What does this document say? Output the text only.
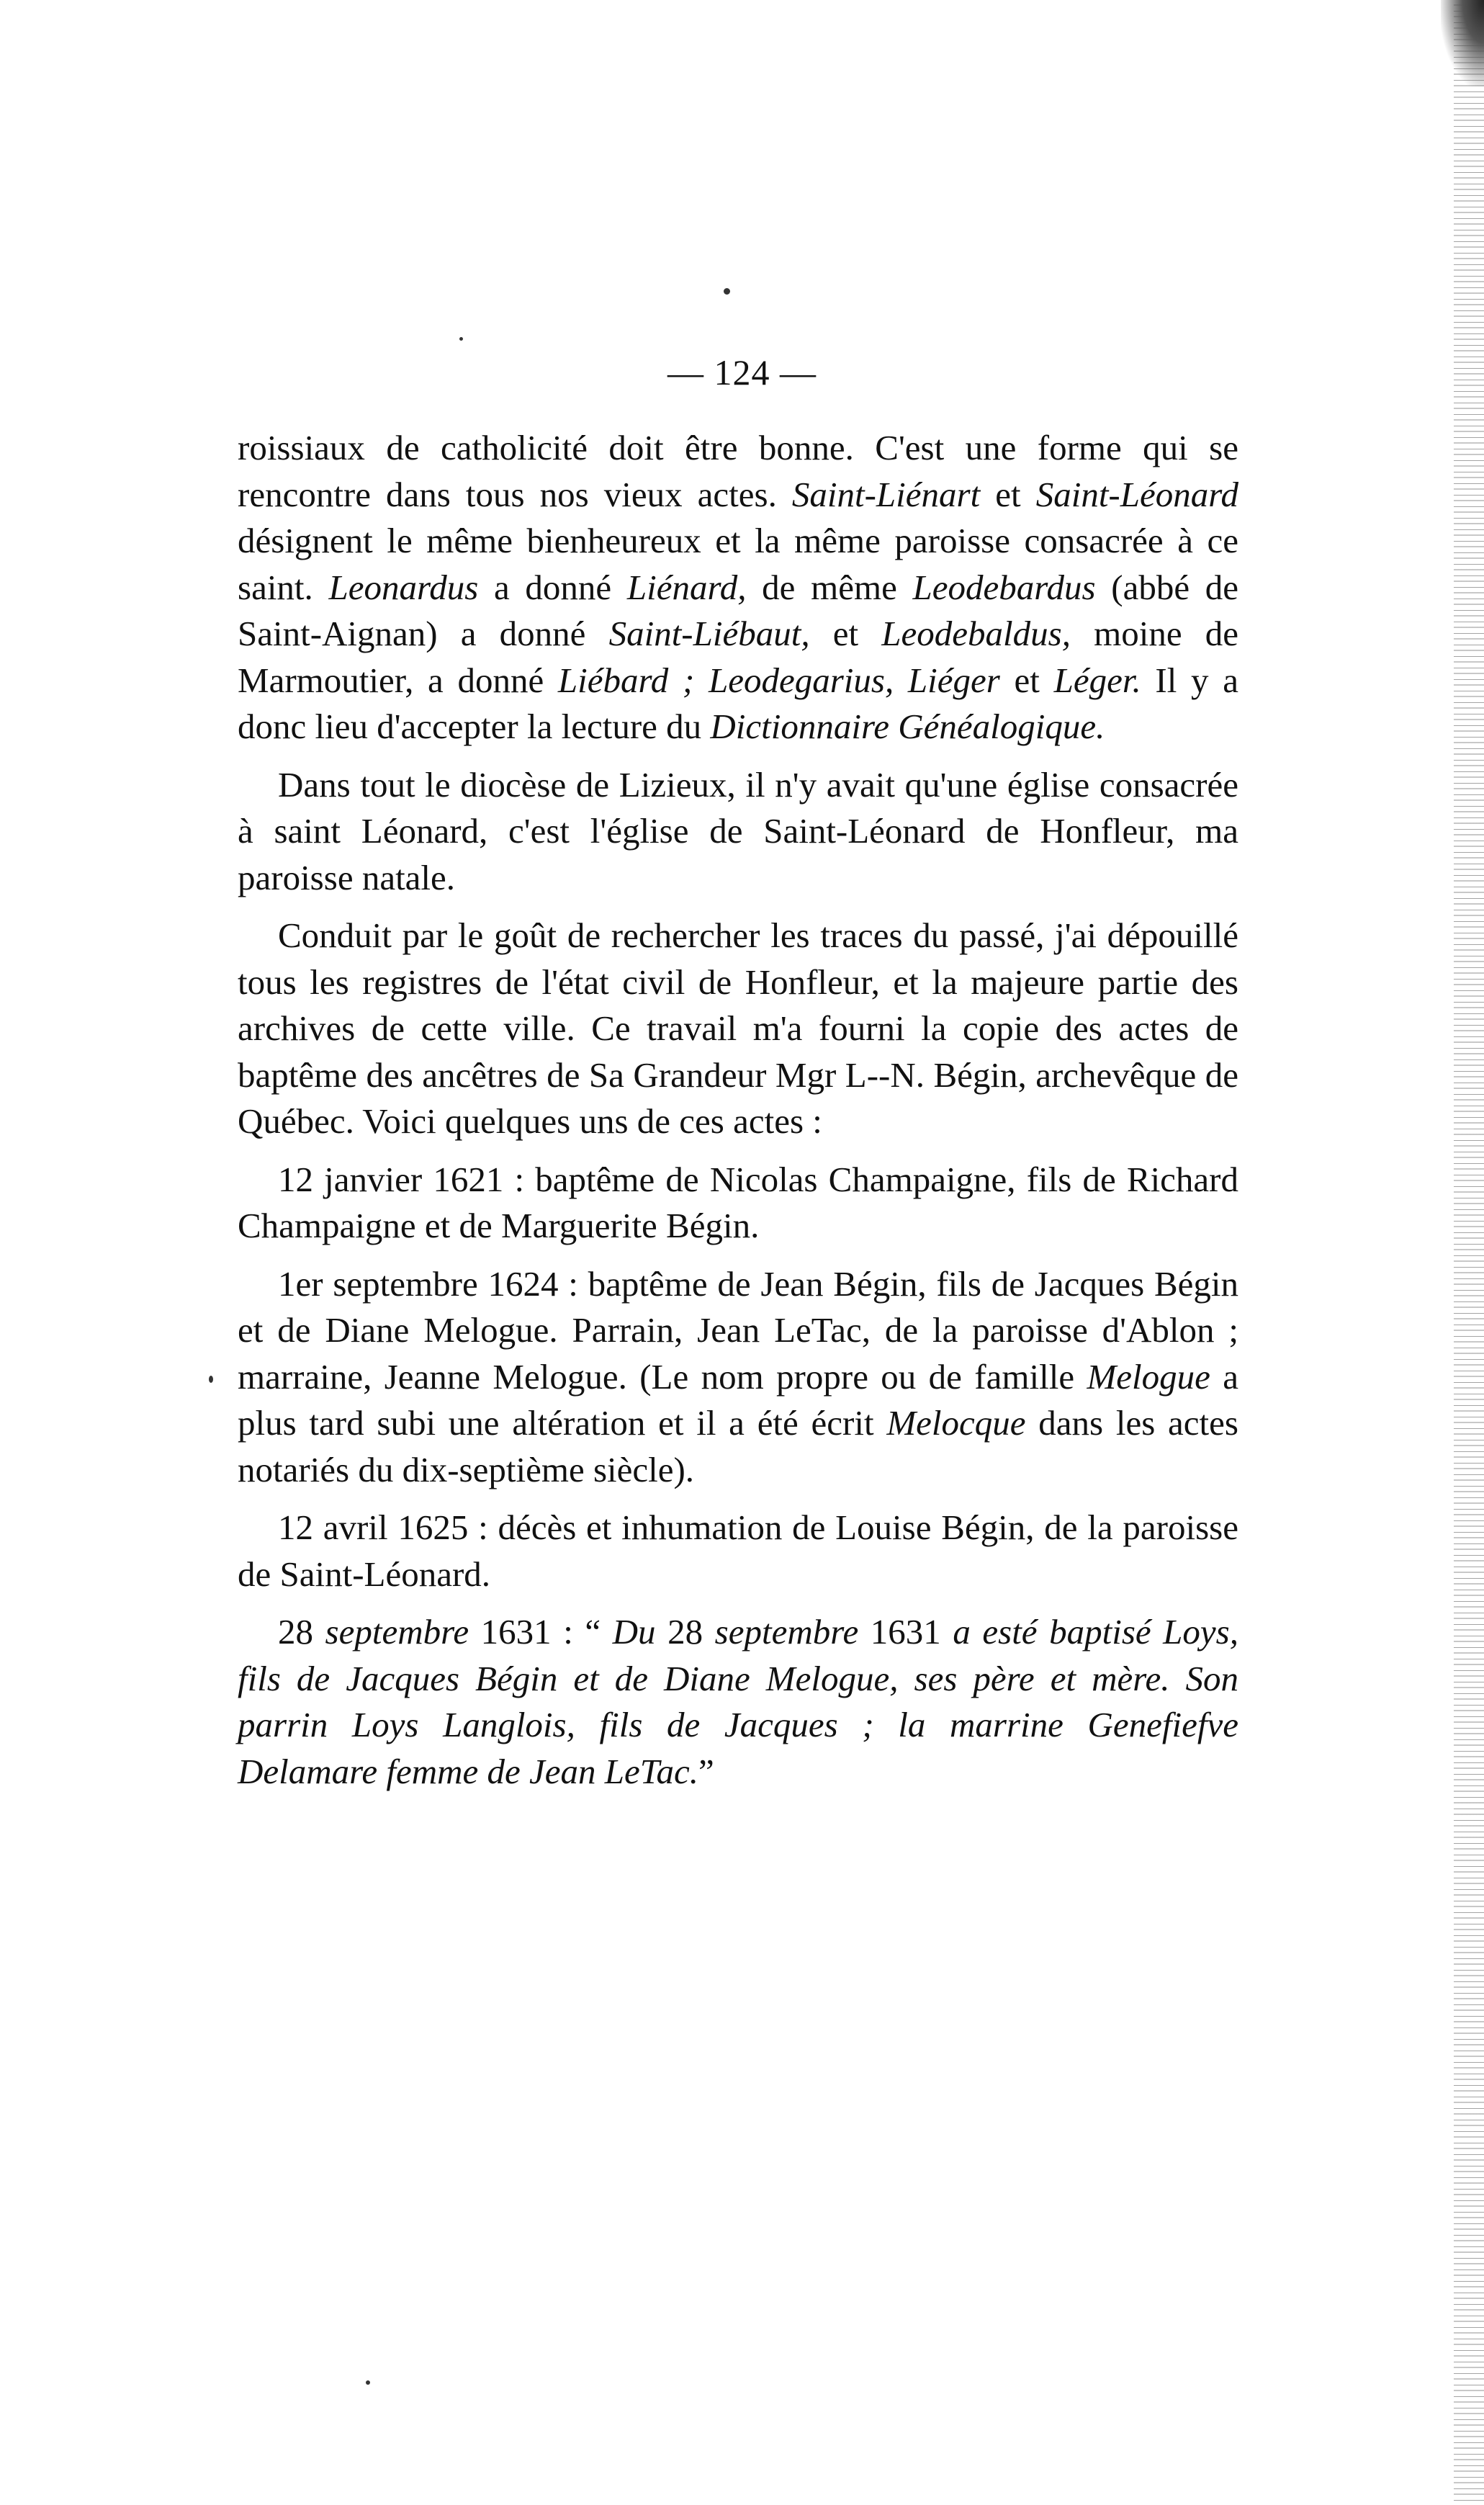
— 124 —

roissiaux de catholicité doit être bonne. C'est une forme qui se rencontre dans tous nos vieux actes. Saint-Liénart et Saint-Léonard désignent le même bienheureux et la même paroisse consacrée à ce saint. Leonardus a donné Liénard, de même Leodebardus (abbé de Saint-Aignan) a donné Saint-Liébaut, et Leodebaldus, moine de Marmoutier, a donné Liébard ; Leodegarius, Liéger et Léger. Il y a donc lieu d'accepter la lecture du Dictionnaire Généalogique.

Dans tout le diocèse de Lizieux, il n'y avait qu'une église consacrée à saint Léonard, c'est l'église de Saint-Léonard de Honfleur, ma paroisse natale.

Conduit par le goût de rechercher les traces du passé, j'ai dépouillé tous les registres de l'état civil de Honfleur, et la majeure partie des archives de cette ville. Ce travail m'a fourni la copie des actes de baptême des ancêtres de Sa Grandeur Mgr L--N. Bégin, archevêque de Québec. Voici quelques uns de ces actes :

12 janvier 1621 : baptême de Nicolas Champaigne, fils de Richard Champaigne et de Marguerite Bégin.

1er septembre 1624 : baptême de Jean Bégin, fils de Jacques Bégin et de Diane Melogue. Parrain, Jean LeTac, de la paroisse d'Ablon ; marraine, Jeanne Melogue. (Le nom propre ou de famille Melogue a plus tard subi une altération et il a été écrit Melocque dans les actes notariés du dix-septième siècle).

12 avril 1625 : décès et inhumation de Louise Bégin, de la paroisse de Saint-Léonard.

28 septembre 1631 : “ Du 28 septembre 1631 a esté baptisé Loys, fils de Jacques Bégin et de Diane Melogue, ses père et mère. Son parrin Loys Langlois, fils de Jacques ; la marrine Genefiefve Delamare femme de Jean LeTac.”
